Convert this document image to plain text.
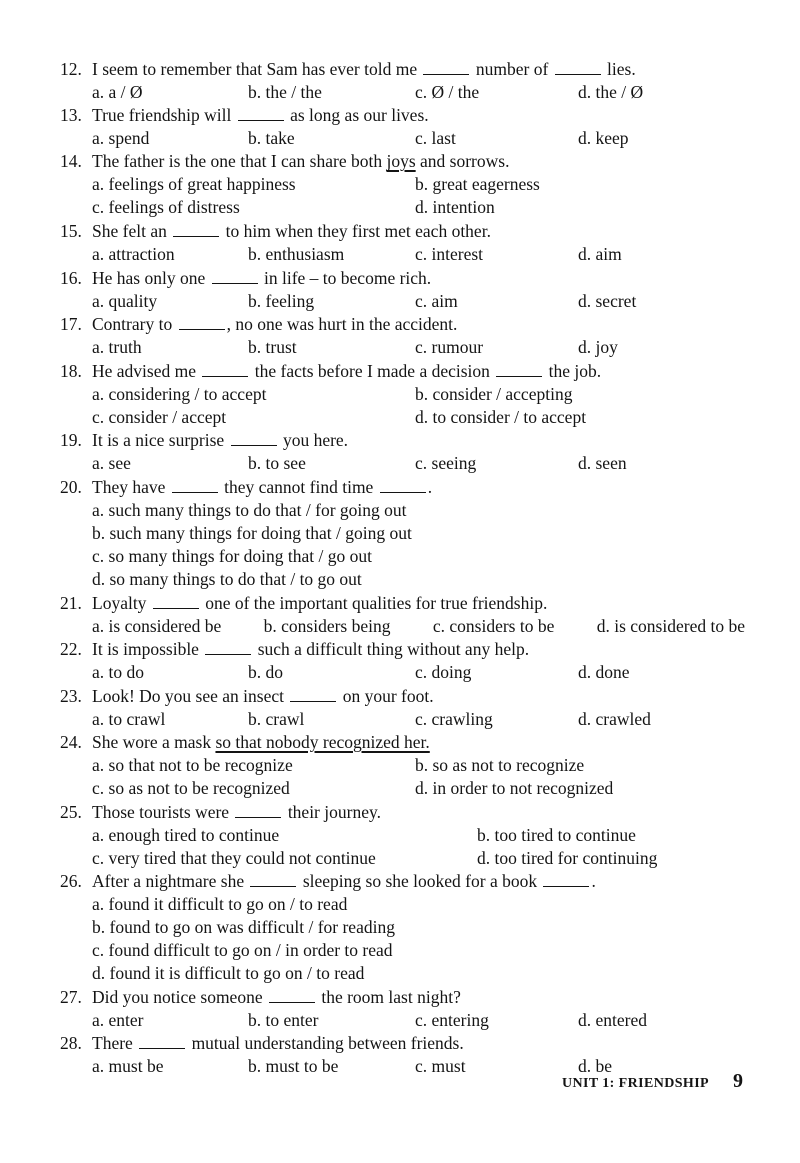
12. I seem to remember that Sam has ever told me	number of	lies.
a. a / Ø	b. the / the	c. Ø / the	d. the / Ø
13. True friendship will	as long as our lives.
a. spend	b. take	c. last	d. keep
14. The father is the one that I can share both joys and sorrows.
a. feelings of great happiness	b. great eagerness
c. feelings of distress	d. intention
15. She felt an	to him when they first met each other.
a. attraction	b. enthusiasm	c. interest	d. aim
16. He has only one	in life – to become rich.
a. quality	b. feeling	c. aim	d. secret
17. Contrary to	, no one was hurt in the accident.
a. truth	b. trust	c. rumour	d. joy
18. He advised me	the facts before I made a decision	the job.
a. considering / to accept	b. consider / accepting
c. consider / accept	d. to consider / to accept
19. It is a nice surprise	you here.
a. see	b. to see	c. seeing	d. seen
20. They have	they cannot find time	.
a. such many things to do that / for going out
b. such many things for doing that / going out
c. so many things for doing that / go out
d. so many things to do that / to go out
21. Loyalty	one of the important qualities for true friendship.
a. is considered be b. considers being c. considers to be d. is considered to be
22. It is impossible	such a difficult thing without any help.
a. to do	b. do	c. doing	d. done
23. Look! Do you see an insect	on your foot.
a. to crawl	b. crawl	c. crawling	d. crawled
24. She wore a mask so that nobody recognized her.
a. so that not to be recognize	b. so as not to recognize
c. so as not to be recognized	d. in order to not recognized
25. Those tourists were	their journey.
a. enough tired to continue	b. too tired to continue
c. very tired that they could not continue	d. too tired for continuing
26. After a nightmare she	sleeping so she looked for a book	.
a. found it difficult to go on / to read
b. found to go on was difficult / for reading
c. found difficult to go on / in order to read
d. found it is difficult to go on / to read
27. Did you notice someone	the room last night?
a. enter	b. to enter	c. entering	d. entered
28. There	mutual understanding between friends.
a. must be	b. must to be	c. must	d. be
UNIT 1: FRIENDSHIP 9
